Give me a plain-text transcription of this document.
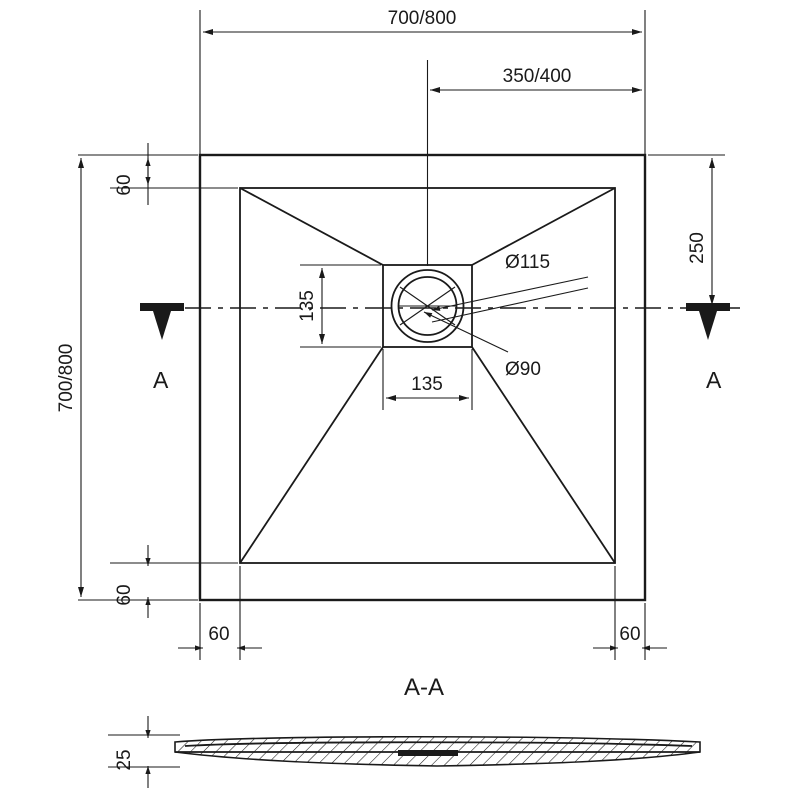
A	A
700/800
350/400
700/800
60
60
250
60	60
135
135
Ø115
Ø90
A-A
25
